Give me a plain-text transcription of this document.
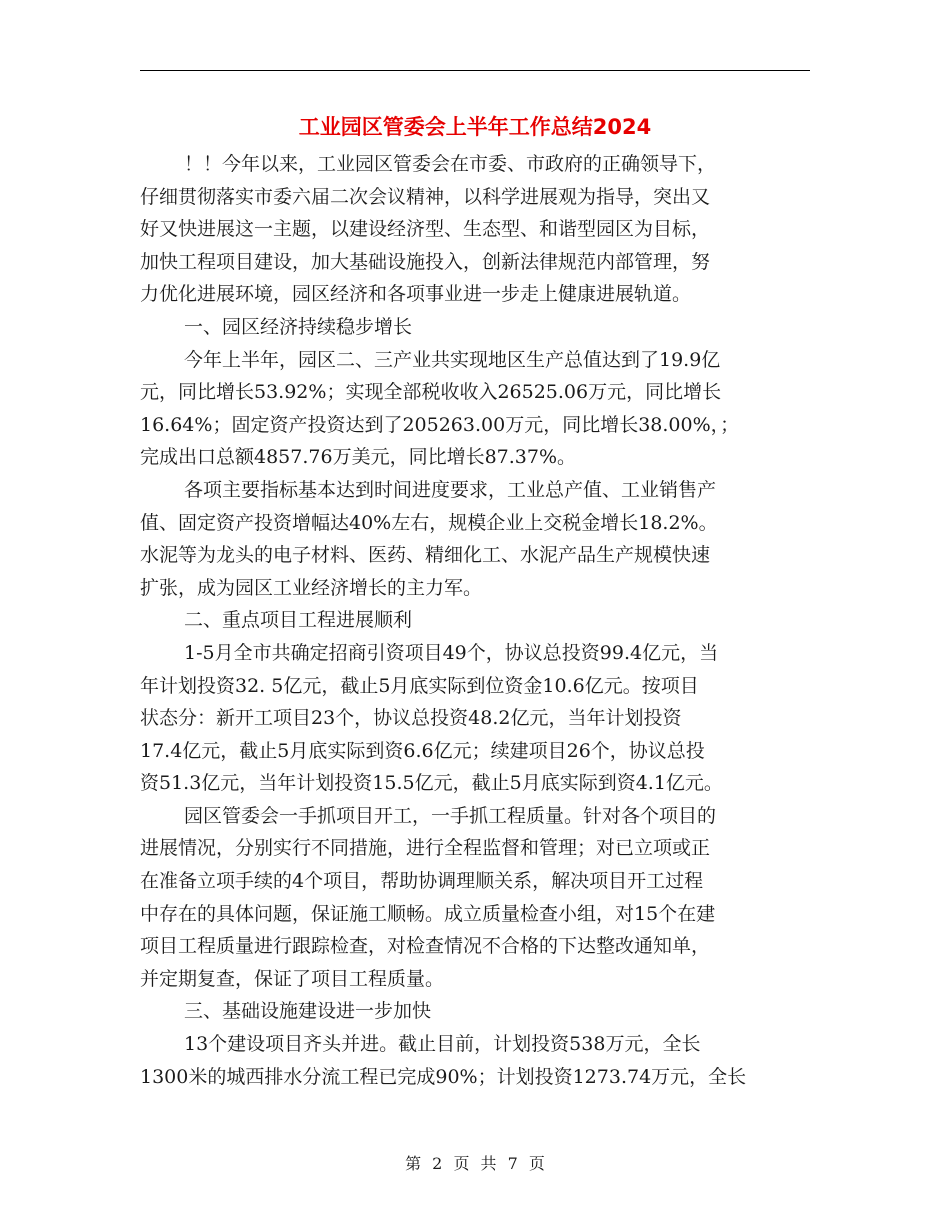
工业园区管委会上半年工作总结2024
！！今年以来，工业园区管委会在市委、市政府的正确领导下，
仔细贯彻落实市委六届二次会议精神，以科学进展观为指导，突出又
好又快进展这一主题，以建设经济型、生态型、和谐型园区为目标，
加快工程项目建设，加大基础设施投入，创新法律规范内部管理，努
力优化进展环境，园区经济和各项事业进一步走上健康进展轨道。
一、园区经济持续稳步增长
今年上半年，园区二、三产业共实现地区生产总值达到了19.9亿
元，同比增长53.92%；实现全部税收收入26525.06万元，同比增长
16.64%；固定资产投资达到了205263.00万元，同比增长38.00%，；
完成出口总额4857.76万美元，同比增长87.37%。
各项主要指标基本达到时间进度要求，工业总产值、工业销售产
值、固定资产投资增幅达40%左右，规模企业上交税金增长18.2%。
水泥等为龙头的电子材料、医药、精细化工、水泥产品生产规模快速
扩张，成为园区工业经济增长的主力军。
二、重点项目工程进展顺利
1-5月全市共确定招商引资项目49个，协议总投资99.4亿元，当
年计划投资32. 5亿元，截止5月底实际到位资金10.6亿元。按项目
状态分：新开工项目23个，协议总投资48.2亿元，当年计划投资
17.4亿元，截止5月底实际到资6.6亿元；续建项目26个，协议总投
资51.3亿元，当年计划投资15.5亿元，截止5月底实际到资4.1亿元。
园区管委会一手抓项目开工，一手抓工程质量。针对各个项目的
进展情况，分别实行不同措施，进行全程监督和管理；对已立项或正
在准备立项手续的4个项目，帮助协调理顺关系，解决项目开工过程
中存在的具体问题，保证施工顺畅。成立质量检查小组，对15个在建
项目工程质量进行跟踪检查，对检查情况不合格的下达整改通知单，
并定期复查，保证了项目工程质量。
三、基础设施建设进一步加快
13个建设项目齐头并进。截止目前，计划投资538万元，全长
1300米的城西排水分流工程已完成90%；计划投资1273.74万元，全长
第 2 页 共 7 页
